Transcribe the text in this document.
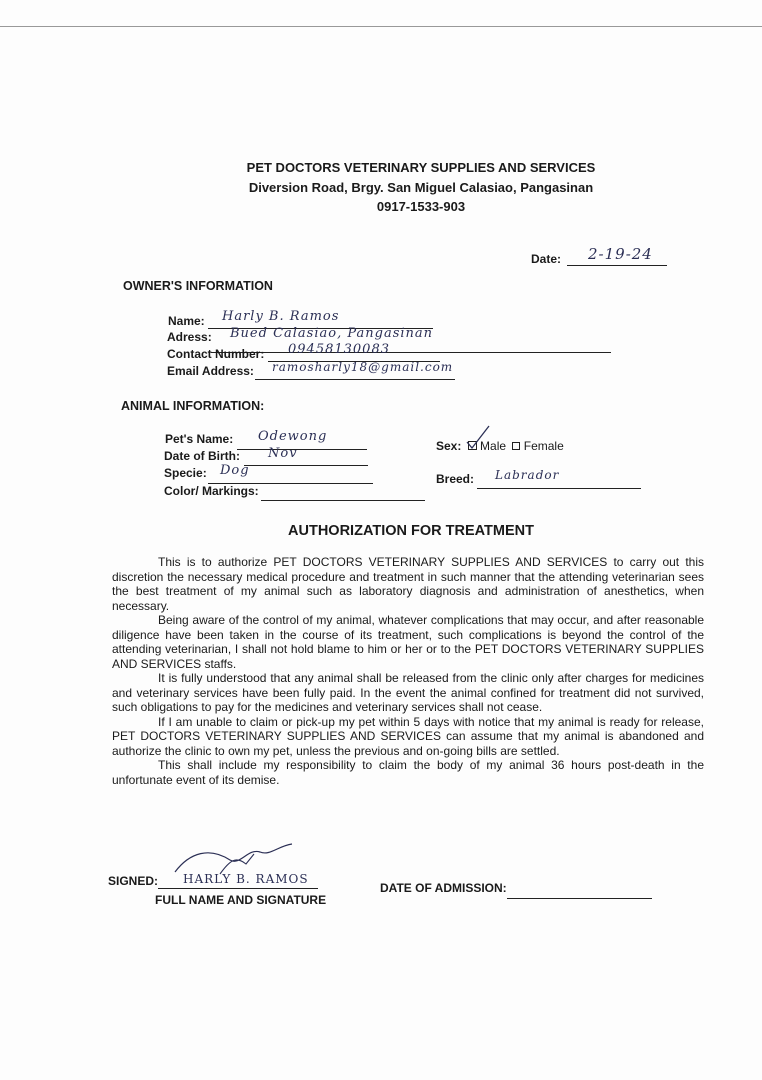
PET DOCTORS VETERINARY SUPPLIES AND SERVICES
Diversion Road, Brgy. San Miguel Calasiao, Pangasinan
0917-1533-903
Date: 2-19-24
OWNER'S INFORMATION
Name: Harly B. Ramos
Adress: Bued Calasiao, Pangasinan
Contact Number: 09458130083
Email Address: ramosharly18@gmail.com
ANIMAL INFORMATION:
Pet's Name: Odewong
Date of Birth: Nov
Specie: Dog
Color/ Markings:
Sex: Male Female
Breed: Labrador
AUTHORIZATION FOR TREATMENT
This is to authorize PET DOCTORS VETERINARY SUPPLIES AND SERVICES to carry out this discretion the necessary medical procedure and treatment in such manner that the attending veterinarian sees the best treatment of my animal such as laboratory diagnosis and administration of anesthetics, when necessary.
Being aware of the control of my animal, whatever complications that may occur, and after reasonable diligence have been taken in the course of its treatment, such complications is beyond the control of the attending veterinarian, I shall not hold blame to him or her or to the PET DOCTORS VETERINARY SUPPLIES AND SERVICES staffs.
It is fully understood that any animal shall be released from the clinic only after charges for medicines and veterinary services have been fully paid. In the event the animal confined for treatment did not survived, such obligations to pay for the medicines and veterinary services shall not cease.
If I am unable to claim or pick-up my pet within 5 days with notice that my animal is ready for release, PET DOCTORS VETERINARY SUPPLIES AND SERVICES can assume that my animal is abandoned and authorize the clinic to own my pet, unless the previous and on-going bills are settled.
This shall include my responsibility to claim the body of my animal 36 hours post-death in the unfortunate event of its demise.
SIGNED: HARLY B. RAMOS
FULL NAME AND SIGNATURE
DATE OF ADMISSION:
